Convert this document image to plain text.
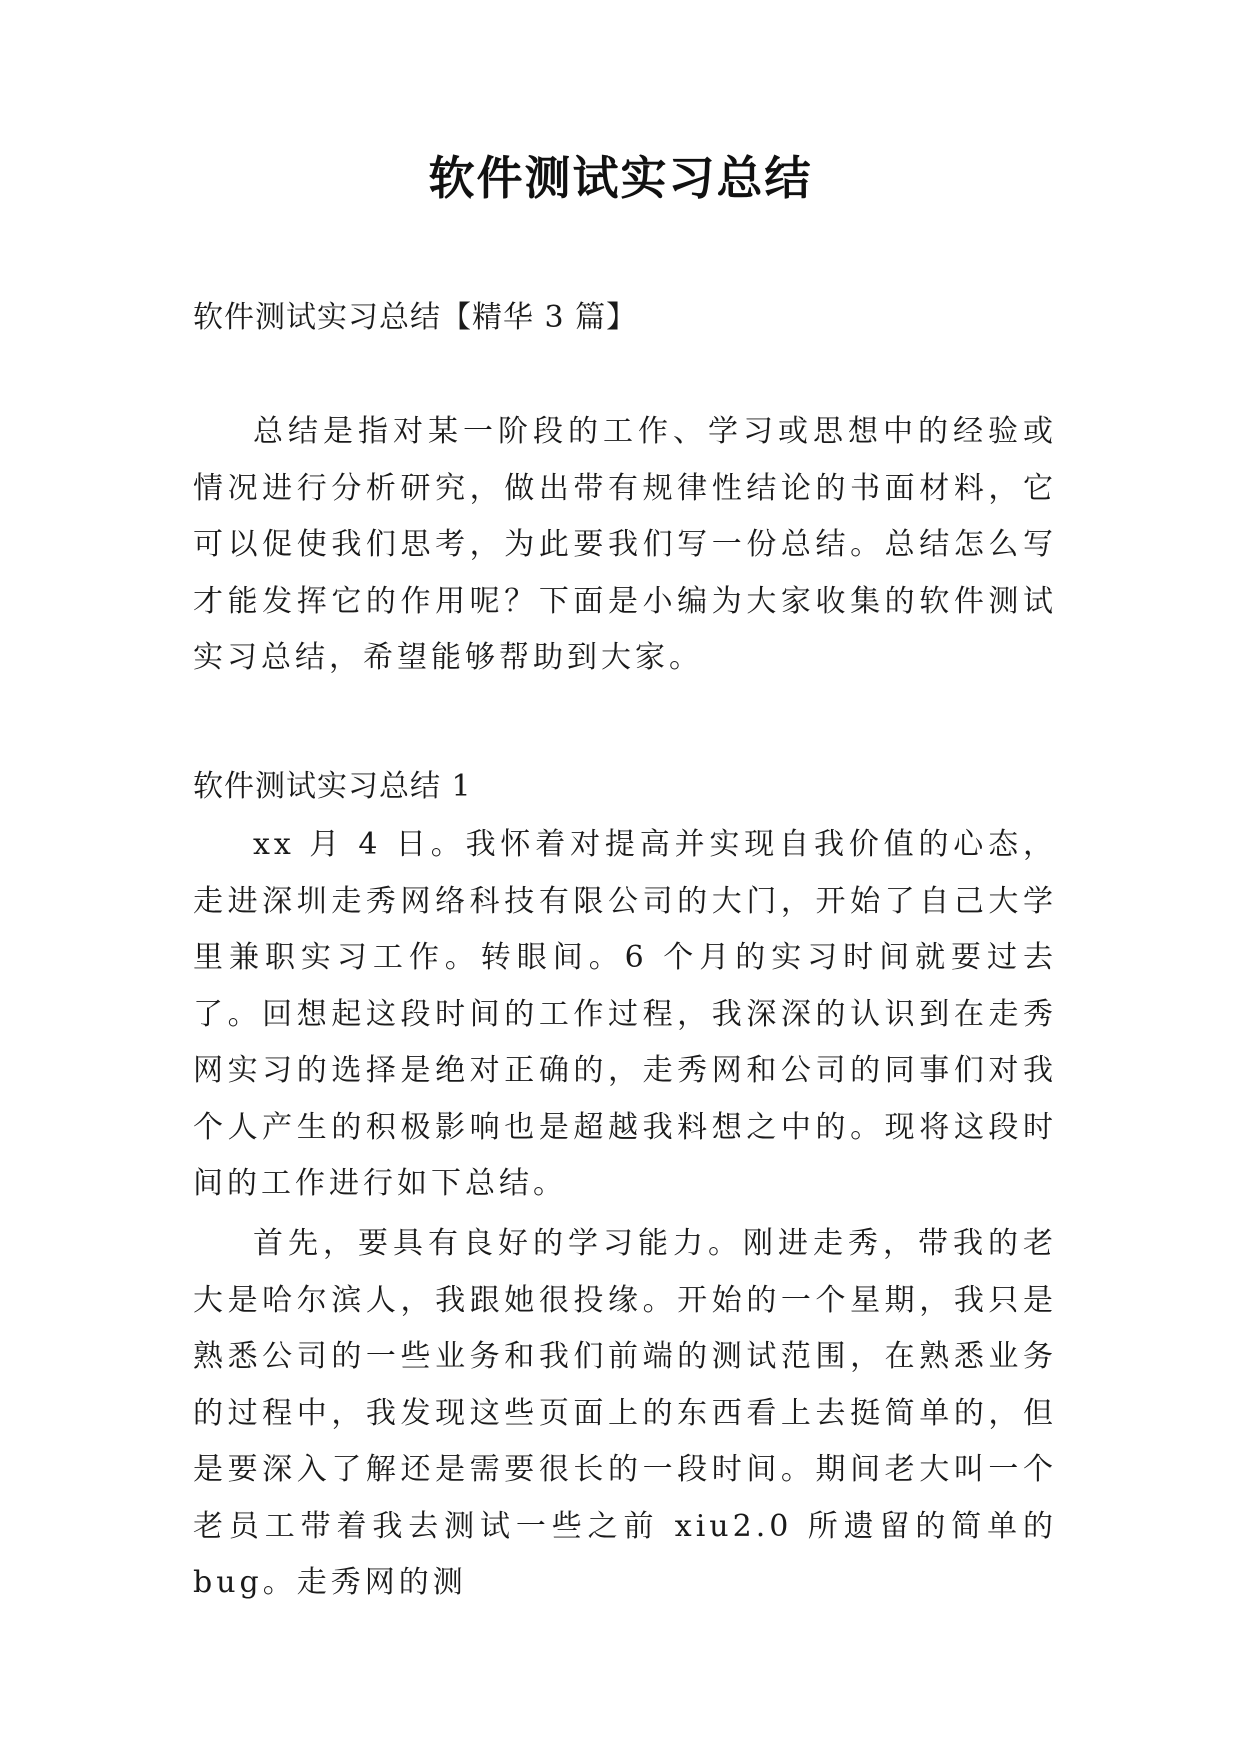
软件测试实习总结

软件测试实习总结【精华 3 篇】

总结是指对某一阶段的工作、学习或思想中的经验或情况进行分析研究，做出带有规律性结论的书面材料，它可以促使我们思考，为此要我们写一份总结。总结怎么写才能发挥它的作用呢？下面是小编为大家收集的软件测试实习总结，希望能够帮助到大家。

软件测试实习总结 1

xx 月 4 日。我怀着对提高并实现自我价值的心态，走进深圳走秀网络科技有限公司的大门，开始了自己大学里兼职实习工作。转眼间。6 个月的实习时间就要过去了。回想起这段时间的工作过程，我深深的认识到在走秀网实习的选择是绝对正确的，走秀网和公司的同事们对我个人产生的积极影响也是超越我料想之中的。现将这段时间的工作进行如下总结。

首先，要具有良好的学习能力。刚进走秀，带我的老大是哈尔滨人，我跟她很投缘。开始的一个星期，我只是熟悉公司的一些业务和我们前端的测试范围，在熟悉业务的过程中，我发现这些页面上的东西看上去挺简单的，但是要深入了解还是需要很长的一段时间。期间老大叫一个老员工带着我去测试一些之前 xiu2.0 所遗留的简单的 bug。走秀网的测
